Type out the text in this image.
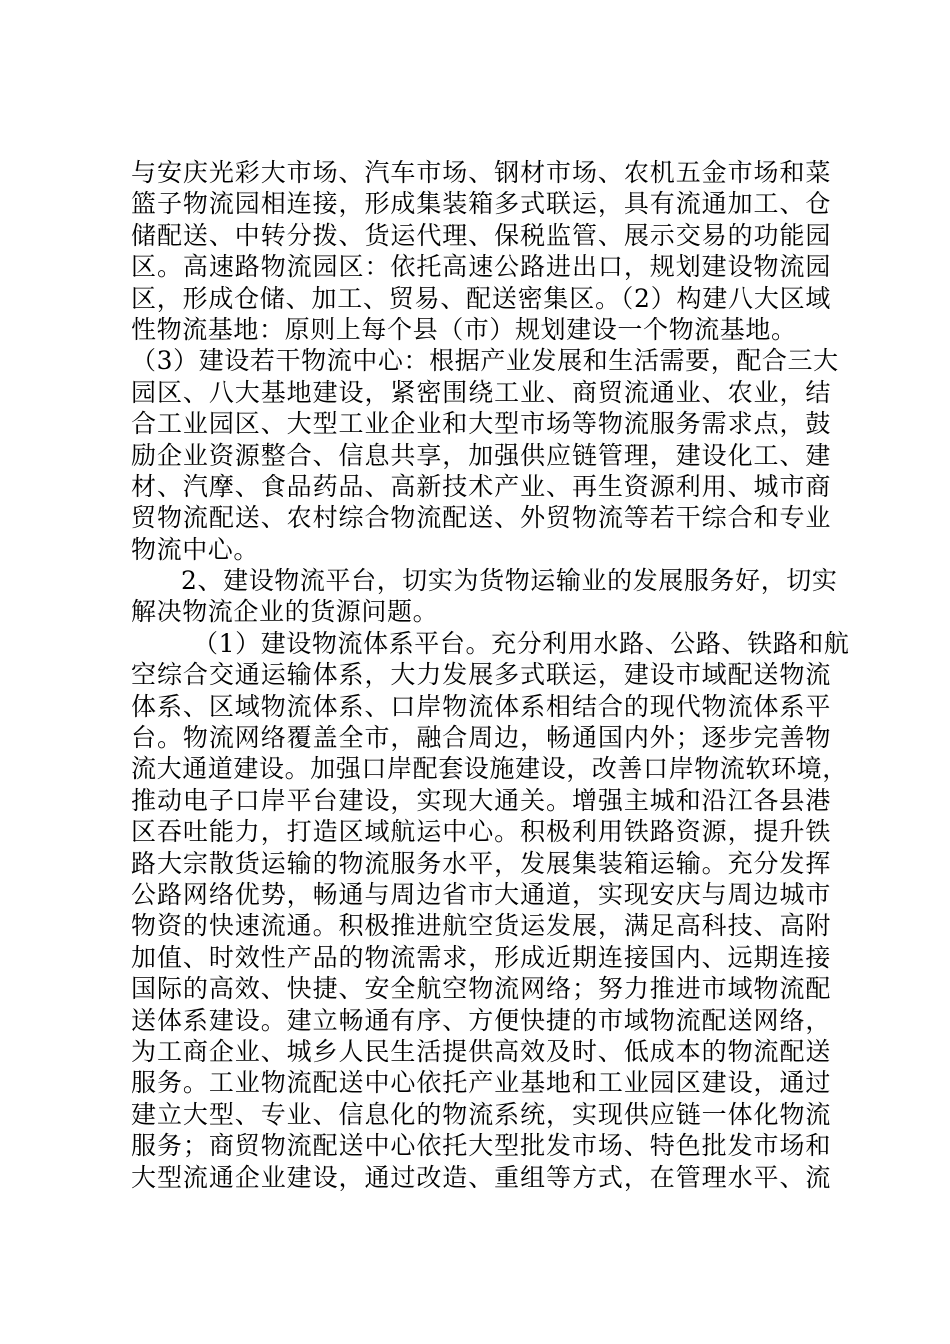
与安庆光彩大市场、汽车市场、钢材市场、农机五金市场和菜
篮子物流园相连接，形成集装箱多式联运，具有流通加工、仓
储配送、中转分拨、货运代理、保税监管、展示交易的功能园
区。高速路物流园区：依托高速公路进出口，规划建设物流园
区，形成仓储、加工、贸易、配送密集区。（2）构建八大区域
性物流基地：原则上每个县（市）规划建设一个物流基地。
（3）建设若干物流中心：根据产业发展和生活需要，配合三大
园区、八大基地建设，紧密围绕工业、商贸流通业、农业，结
合工业园区、大型工业企业和大型市场等物流服务需求点，鼓
励企业资源整合、信息共享，加强供应链管理，建设化工、建
材、汽摩、食品药品、高新技术产业、再生资源利用、城市商
贸物流配送、农村综合物流配送、外贸物流等若干综合和专业
物流中心。
2、建设物流平台，切实为货物运输业的发展服务好，切实
解决物流企业的货源问题。
（1）建设物流体系平台。充分利用水路、公路、铁路和航
空综合交通运输体系，大力发展多式联运，建设市域配送物流
体系、区域物流体系、口岸物流体系相结合的现代物流体系平
台。物流网络覆盖全市，融合周边，畅通国内外；逐步完善物
流大通道建设。加强口岸配套设施建设，改善口岸物流软环境，
推动电子口岸平台建设，实现大通关。增强主城和沿江各县港
区吞吐能力，打造区域航运中心。积极利用铁路资源，提升铁
路大宗散货运输的物流服务水平，发展集装箱运输。充分发挥
公路网络优势，畅通与周边省市大通道，实现安庆与周边城市
物资的快速流通。积极推进航空货运发展，满足高科技、高附
加值、时效性产品的物流需求，形成近期连接国内、远期连接
国际的高效、快捷、安全航空物流网络；努力推进市域物流配
送体系建设。建立畅通有序、方便快捷的市域物流配送网络，
为工商企业、城乡人民生活提供高效及时、低成本的物流配送
服务。工业物流配送中心依托产业基地和工业园区建设，通过
建立大型、专业、信息化的物流系统，实现供应链一体化物流
服务；商贸物流配送中心依托大型批发市场、特色批发市场和
大型流通企业建设，通过改造、重组等方式，在管理水平、流
